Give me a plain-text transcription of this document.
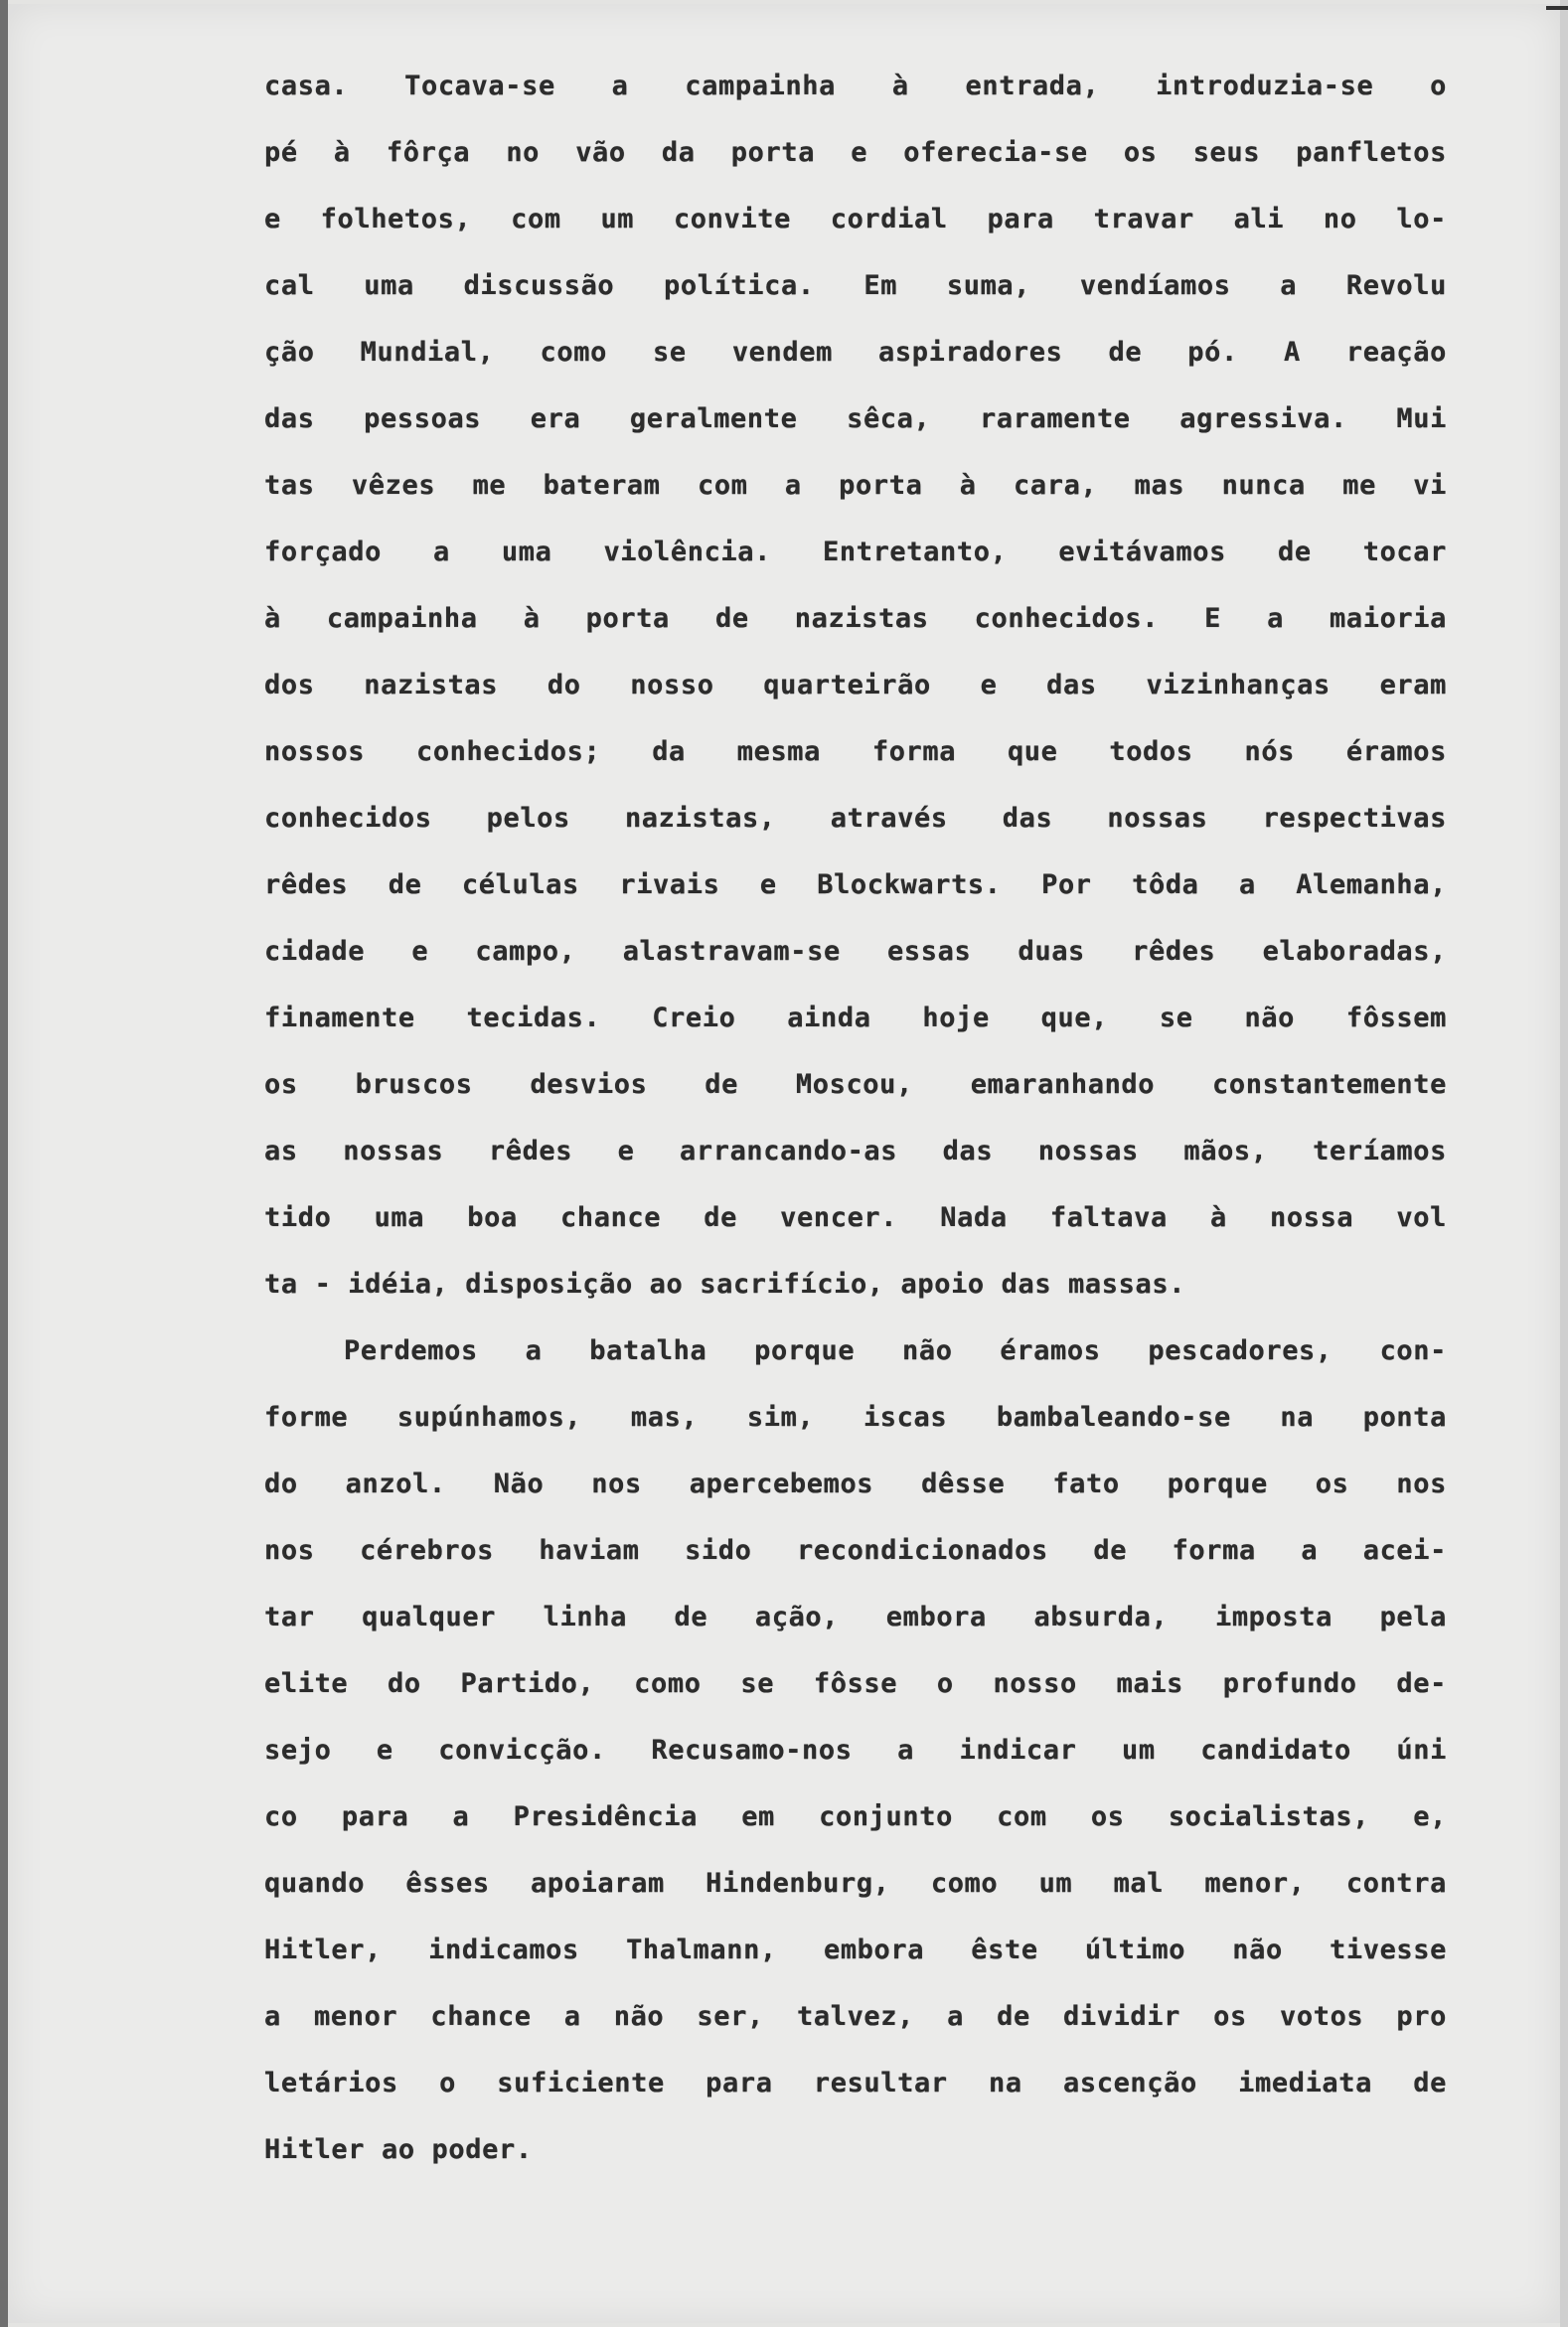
casa. Tocava-se a campainha à entrada, introduzia-se o
pé à fôrça no vão da porta e oferecia-se os seus panfletos
e folhetos, com um convite cordial para travar ali no lo-
cal uma discussão política. Em suma, vendíamos a Revolu
ção Mundial, como se vendem aspiradores de pó. A reação
das pessoas era geralmente sêca, raramente agressiva. Mui
tas vêzes me bateram com a porta à cara, mas nunca me vi
forçado a uma violência. Entretanto, evitávamos de tocar
à campainha à porta de nazistas conhecidos. E a maioria
dos nazistas do nosso quarteirão e das vizinhanças eram
nossos conhecidos; da mesma forma que todos nós éramos
conhecidos pelos nazistas, através das nossas respectivas
rêdes de células rivais e Blockwarts. Por tôda a Alemanha,
cidade e campo, alastravam-se essas duas rêdes elaboradas,
finamente tecidas. Creio ainda hoje que, se não fôssem
os bruscos desvios de Moscou, emaranhando constantemente
as nossas rêdes e arrancando-as das nossas mãos, teríamos
tido uma boa chance de vencer. Nada faltava à nossa vol
ta - idéia, disposição ao sacrifício, apoio das massas.
Perdemos a batalha porque não éramos pescadores, con-
forme supúnhamos, mas, sim, iscas bambaleando-se na ponta
do anzol. Não nos apercebemos dêsse fato porque os nos
nos cérebros haviam sido recondicionados de forma a acei-
tar qualquer linha de ação, embora absurda, imposta pela
elite do Partido, como se fôsse o nosso mais profundo de-
sejo e convicção. Recusamo-nos a indicar um candidato úni
co para a Presidência em conjunto com os socialistas, e,
quando êsses apoiaram Hindenburg, como um mal menor, contra
Hitler, indicamos Thalmann, embora êste último não tivesse
a menor chance a não ser, talvez, a de dividir os votos pro
letários o suficiente para resultar na ascenção imediata de
Hitler ao poder.
